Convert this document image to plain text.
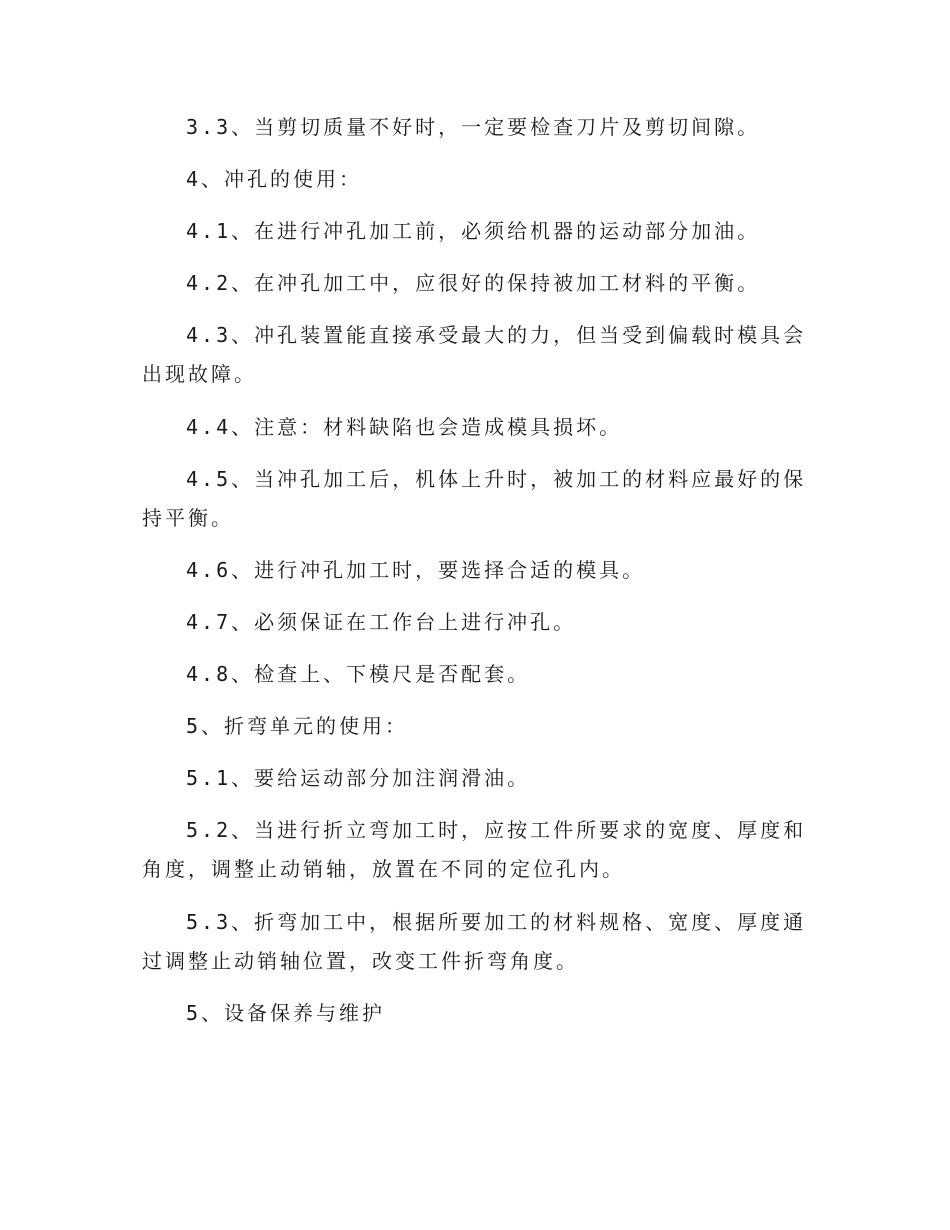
3.3、当剪切质量不好时，一定要检查刀片及剪切间隙。

4、冲孔的使用：

4.1、在进行冲孔加工前，必须给机器的运动部分加油。

4.2、在冲孔加工中，应很好的保持被加工材料的平衡。

4.3、冲孔装置能直接承受最大的力，但当受到偏载时模具会出现故障。

4.4、注意：材料缺陷也会造成模具损坏。

4.5、当冲孔加工后，机体上升时，被加工的材料应最好的保持平衡。

4.6、进行冲孔加工时，要选择合适的模具。

4.7、必须保证在工作台上进行冲孔。

4.8、检查上、下模尺是否配套。

5、折弯单元的使用：

5.1、要给运动部分加注润滑油。

5.2、当进行折立弯加工时，应按工件所要求的宽度、厚度和角度，调整止动销轴，放置在不同的定位孔内。

5.3、折弯加工中，根据所要加工的材料规格、宽度、厚度通过调整止动销轴位置，改变工件折弯角度。

5、设备保养与维护
